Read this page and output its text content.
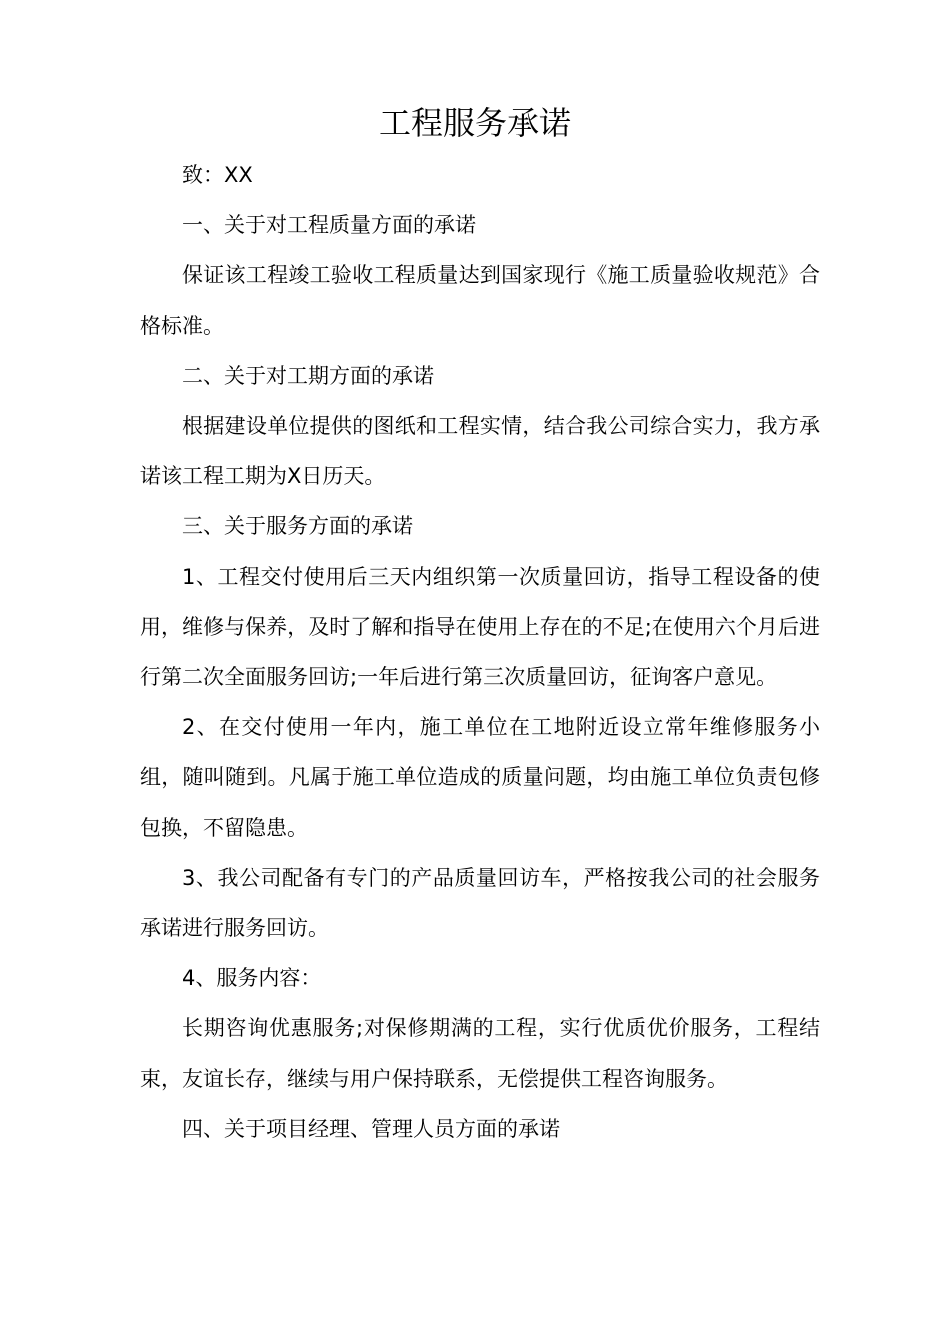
工程服务承诺

致：XX

一、关于对工程质量方面的承诺

保证该工程竣工验收工程质量达到国家现行《施工质量验收规范》合格标准。

二、关于对工期方面的承诺

根据建设单位提供的图纸和工程实情，结合我公司综合实力，我方承诺该工程工期为X日历天。

三、关于服务方面的承诺

1、工程交付使用后三天内组织第一次质量回访，指导工程设备的使用，维修与保养，及时了解和指导在使用上存在的不足;在使用六个月后进行第二次全面服务回访;一年后进行第三次质量回访，征询客户意见。

2、在交付使用一年内，施工单位在工地附近设立常年维修服务小组，随叫随到。凡属于施工单位造成的质量问题，均由施工单位负责包修包换，不留隐患。

3、我公司配备有专门的产品质量回访车，严格按我公司的社会服务承诺进行服务回访。

4、服务内容：

长期咨询优惠服务;对保修期满的工程，实行优质优价服务，工程结束，友谊长存，继续与用户保持联系，无偿提供工程咨询服务。

四、关于项目经理、管理人员方面的承诺
